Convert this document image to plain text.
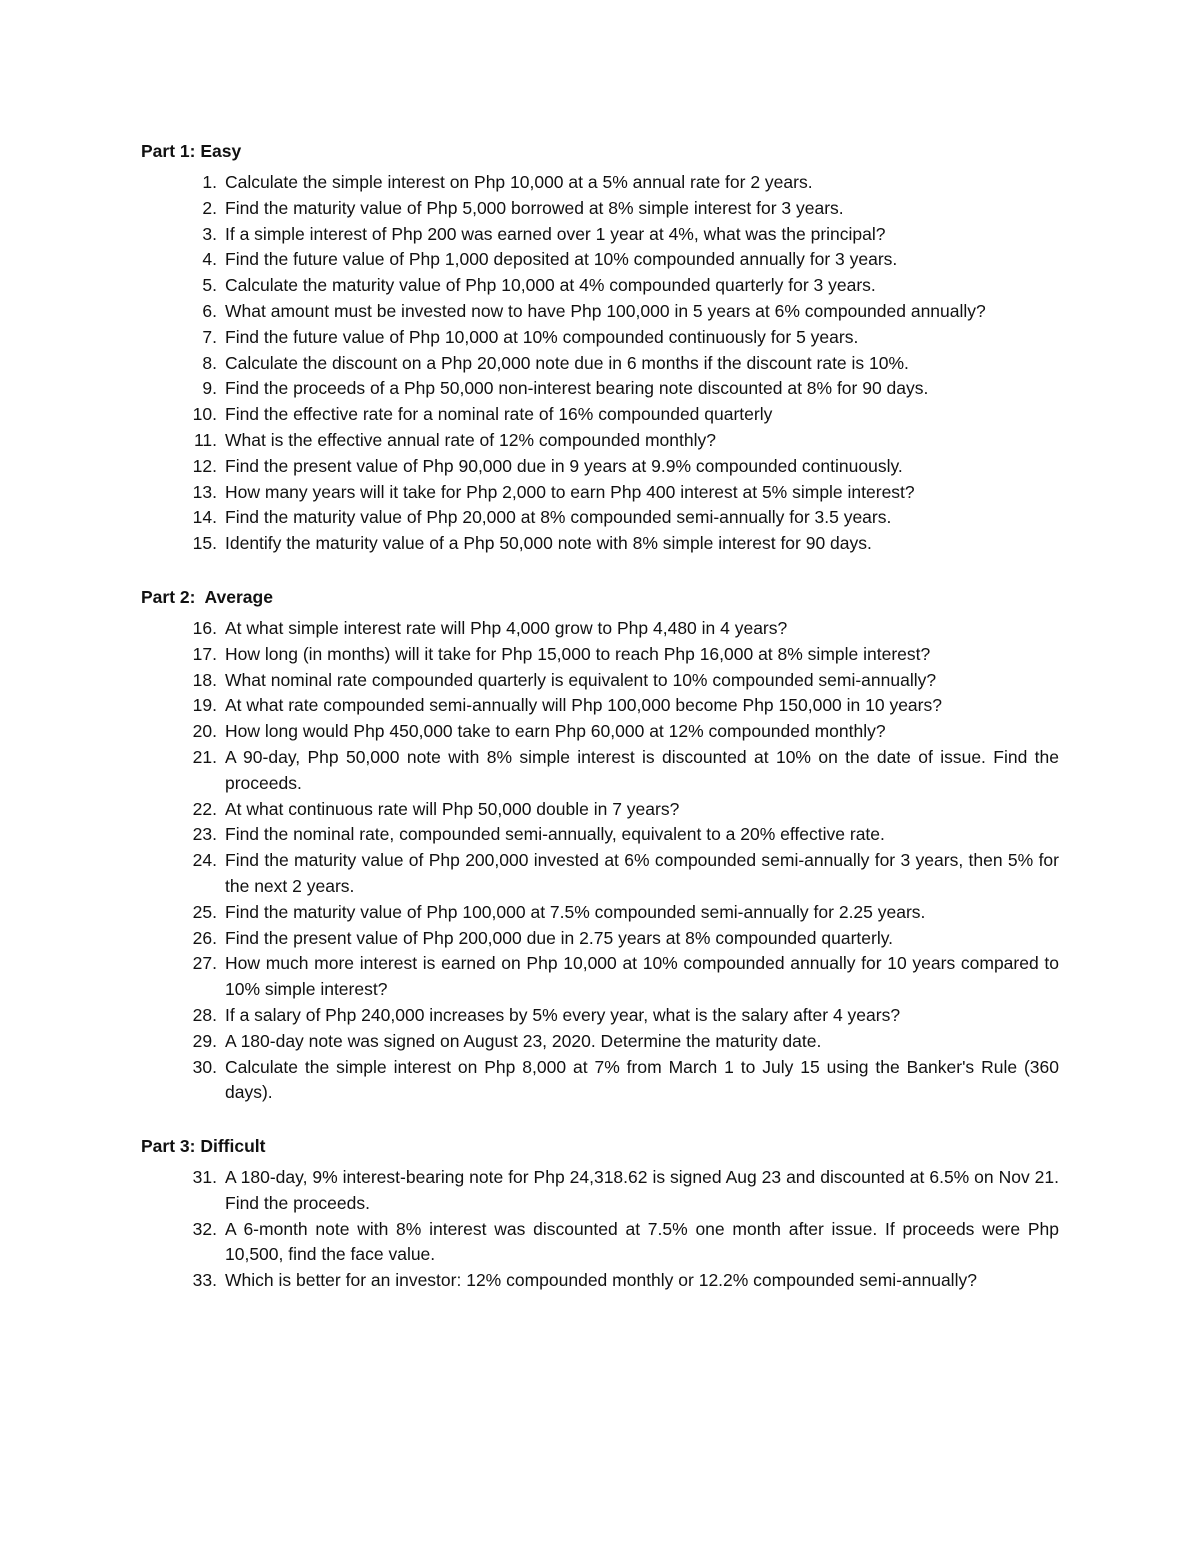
Part 1: Easy
1. Calculate the simple interest on Php 10,000 at a 5% annual rate for 2 years.
2. Find the maturity value of Php 5,000 borrowed at 8% simple interest for 3 years.
3. If a simple interest of Php 200 was earned over 1 year at 4%, what was the principal?
4. Find the future value of Php 1,000 deposited at 10% compounded annually for 3 years.
5. Calculate the maturity value of Php 10,000 at 4% compounded quarterly for 3 years.
6. What amount must be invested now to have Php 100,000 in 5 years at 6% compounded annually?
7. Find the future value of Php 10,000 at 10% compounded continuously for 5 years.
8. Calculate the discount on a Php 20,000 note due in 6 months if the discount rate is 10%.
9. Find the proceeds of a Php 50,000 non-interest bearing note discounted at 8% for 90 days.
10. Find the effective rate for a nominal rate of 16% compounded quarterly
11. What is the effective annual rate of 12% compounded monthly?
12. Find the present value of Php 90,000 due in 9 years at 9.9% compounded continuously.
13. How many years will it take for Php 2,000 to earn Php 400 interest at 5% simple interest?
14. Find the maturity value of Php 20,000 at 8% compounded semi-annually for 3.5 years.
15. Identify the maturity value of a Php 50,000 note with 8% simple interest for 90 days.
Part 2:  Average
16. At what simple interest rate will Php 4,000 grow to Php 4,480 in 4 years?
17. How long (in months) will it take for Php 15,000 to reach Php 16,000 at 8% simple interest?
18. What nominal rate compounded quarterly is equivalent to 10% compounded semi-annually?
19. At what rate compounded semi-annually will Php 100,000 become Php 150,000 in 10 years?
20. How long would Php 450,000 take to earn Php 60,000 at 12% compounded monthly?
21. A 90-day, Php 50,000 note with 8% simple interest is discounted at 10% on the date of issue. Find the proceeds.
22. At what continuous rate will Php 50,000 double in 7 years?
23. Find the nominal rate, compounded semi-annually, equivalent to a 20% effective rate.
24. Find the maturity value of Php 200,000 invested at 6% compounded semi-annually for 3 years, then 5% for the next 2 years.
25. Find the maturity value of Php 100,000 at 7.5% compounded semi-annually for 2.25 years.
26. Find the present value of Php 200,000 due in 2.75 years at 8% compounded quarterly.
27. How much more interest is earned on Php 10,000 at 10% compounded annually for 10 years compared to 10% simple interest?
28. If a salary of Php 240,000 increases by 5% every year, what is the salary after 4 years?
29. A 180-day note was signed on August 23, 2020. Determine the maturity date.
30. Calculate the simple interest on Php 8,000 at 7% from March 1 to July 15 using the Banker's Rule (360 days).
Part 3: Difficult
31. A 180-day, 9% interest-bearing note for Php 24,318.62 is signed Aug 23 and discounted at 6.5% on Nov 21. Find the proceeds.
32. A 6-month note with 8% interest was discounted at 7.5% one month after issue. If proceeds were Php 10,500, find the face value.
33. Which is better for an investor: 12% compounded monthly or 12.2% compounded semi-annually?
